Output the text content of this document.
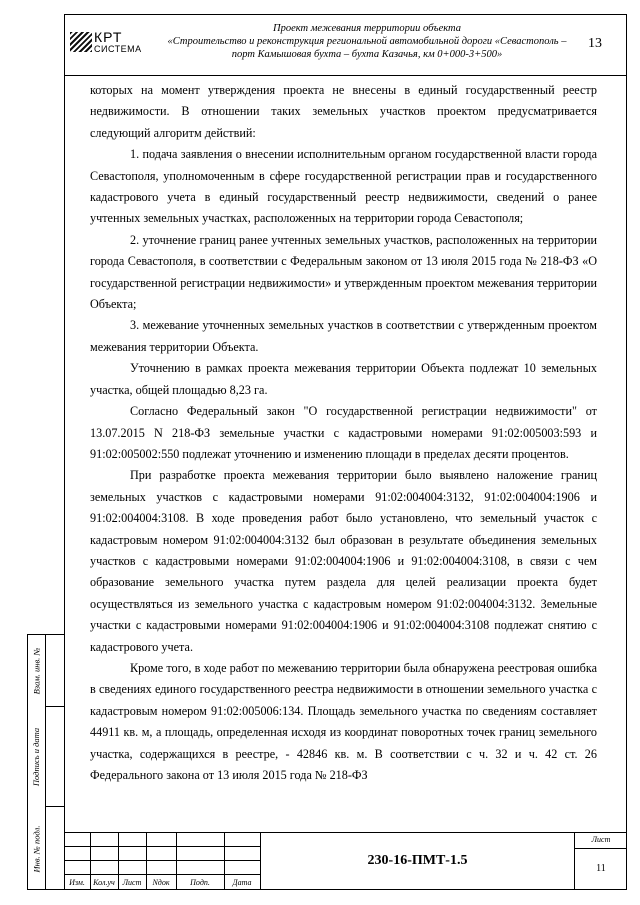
КРТ
СИСТЕМА
Проект межевания территории объекта
«Строительство и реконструкция региональной автомобильной дороги «Севастополь –
порт Камышовая бухта – бухта Казачья, км 0+000-3+500»
13

которых на момент утверждения проекта не внесены в единый государственный реестр недвижимости. В отношении таких земельных участков проектом предусматривается следующий алгоритм действий:

1. подача заявления о внесении исполнительным органом государственной власти города Севастополя, уполномоченным в сфере государственной регистрации прав и государственного кадастрового учета в единый государственный реестр недвижимости, сведений о ранее учтенных земельных участках, расположенных на территории города Севастополя;

2. уточнение границ ранее учтенных земельных участков, расположенных на территории города Севастополя, в соответствии с Федеральным законом от 13 июля 2015 года № 218-ФЗ «О государственной регистрации недвижимости» и утвержденным проектом межевания территории Объекта;

3. межевание уточненных земельных участков в соответствии с утвержденным проектом межевания территории Объекта.

Уточнению в рамках проекта межевания территории Объекта подлежат 10 земельных участка, общей площадью 8,23 га.

Согласно Федеральный закон "О государственной регистрации недвижимости" от 13.07.2015 N 218-ФЗ земельные участки с кадастровыми номерами 91:02:005003:593 и 91:02:005002:550 подлежат уточнению и изменению площади в пределах десяти процентов.

При разработке проекта межевания территории было выявлено наложение границ земельных участков с кадастровыми номерами 91:02:004004:3132, 91:02:004004:1906 и 91:02:004004:3108. В ходе проведения работ было установлено, что земельный участок с кадастровым номером 91:02:004004:3132 был образован в результате объединения земельных участков с кадастровыми номерами 91:02:004004:1906 и 91:02:004004:3108, в связи с чем образование земельного участка путем раздела для целей реализации проекта будет осуществляться из земельного участка с кадастровым номером 91:02:004004:3132. Земельные участки с кадастровыми номерами 91:02:004004:1906 и 91:02:004004:3108 подлежат снятию с кадастрового учета.

Кроме того, в ходе работ по межеванию территории была обнаружена реестровая ошибка в сведениях единого государственного реестра недвижимости в отношении земельного участка с кадастровым номером 91:02:005006:134. Площадь земельного участка по сведениям составляет 44911 кв. м, а площадь, определенная исходя из координат поворотных точек границ земельного участка, содержащихся в реестре, - 42846 кв. м. В соответствии с ч. 32 и ч. 42 ст. 26 Федерального закона от 13 июля 2015 года № 218-ФЗ

Взам. инв. №
Подпись и дата
Инв. № подл.
Изм.	Кол.уч Лист	Nдок	Подп.	Дата
230-16-ПМТ-1.5
Лист
11
